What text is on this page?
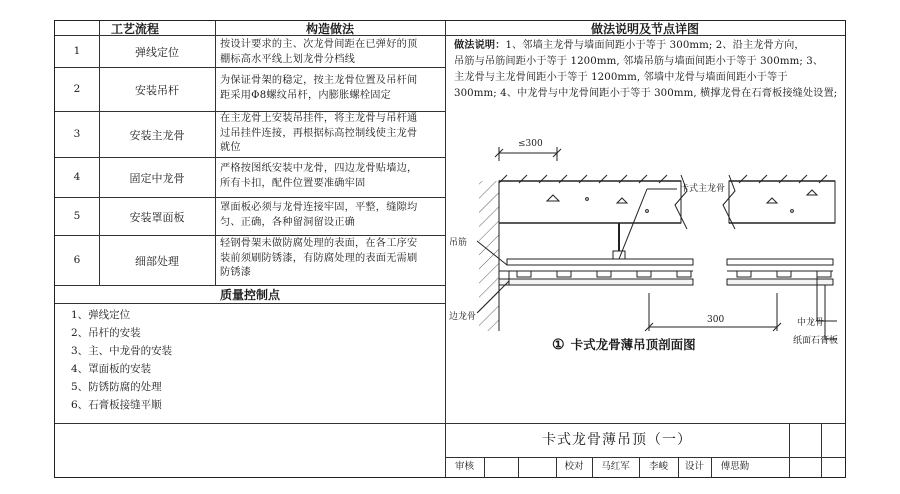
工艺流程	构造做法	做法说明及节点详图
1	弹线定位
按设计要求的主、次龙骨间距在已弹好的顶
棚标高水平线上划龙骨分档线
2	安装吊杆
为保证骨架的稳定，按主龙骨位置及吊杆间
距采用Φ8螺纹吊杆，内膨胀螺栓固定
3	安装主龙骨
在主龙骨上安装吊挂件，将主龙骨与吊杆通
过吊挂件连接，再根据标高控制线使主龙骨
就位
4	固定中龙骨
严格按图纸安装中龙骨，四边龙骨贴墙边，
所有卡扣，配件位置要准确牢固
5	安装罩面板
罩面板必须与龙骨连接牢固，平整，缝隙均
匀、正确，各种留洞留设正确
6	细部处理
轻钢骨架未做防腐处理的表面，在各工序安
装前须刷防锈漆，有防腐处理的表面无需刷
防锈漆
质量控制点
1、弹线定位
2、吊杆的安装
3、主、中龙骨的安装
4、罩面板的安装
5、防锈防腐的处理
6、石膏板接缝平顺
做法说明：1、邻墙主龙骨与墙面间距小于等于 300mm; 2、沿主龙骨方向，
吊筋与吊筋间距小于等于 1200mm, 邻墙吊筋与墙面间距小于等于 300mm; 3、
主龙骨与主龙骨间距小于等于 1200mm, 邻墙中龙骨与墙面间距小于等于
300mm; 4、中龙骨与中龙骨间距小于等于 300mm, 横撑龙骨在石膏板接缝处设置;
≤300
300
卡式主龙骨
吊筋
边龙骨
中龙骨
纸面石膏板
① 卡式龙骨薄吊顶剖面图
卡式龙骨薄吊顶（一）
审核	校对	马红军	李峻	设计	傅思勤
